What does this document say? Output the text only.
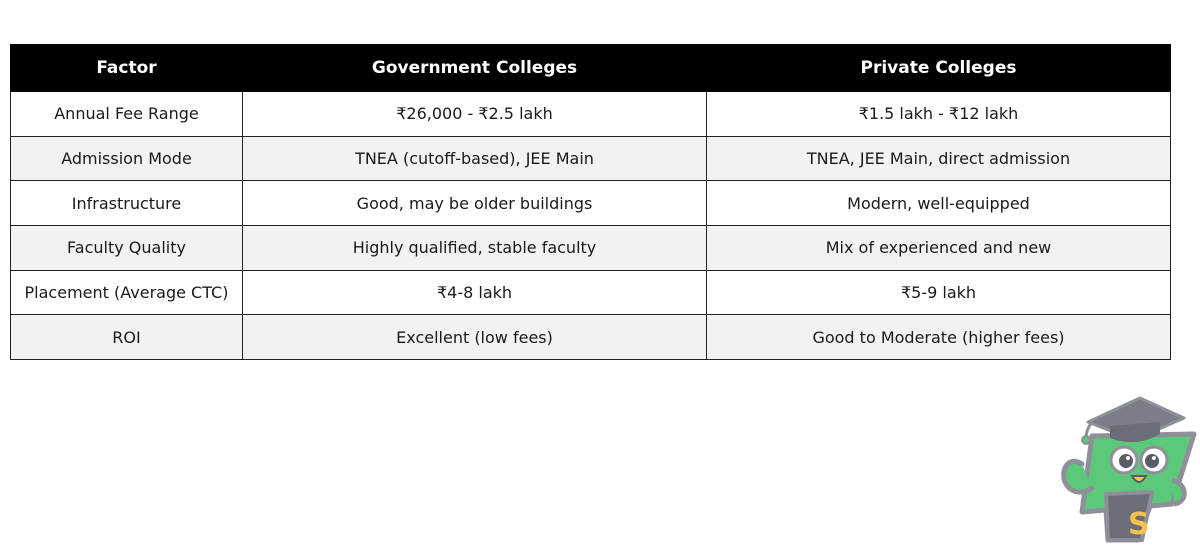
Factor	Government Colleges	Private Colleges
Annual Fee Range	₹26,000 - ₹2.5 lakh	₹1.5 lakh - ₹12 lakh
Admission Mode	TNEA (cutoff-based), JEE Main	TNEA, JEE Main, direct admission
Infrastructure	Good, may be older buildings	Modern, well-equipped
Faculty Quality	Highly qualified, stable faculty	Mix of experienced and new
Placement (Average CTC)	₹4-8 lakh	₹5-9 lakh
ROI	Excellent (low fees)	Good to Moderate (higher fees)
S
